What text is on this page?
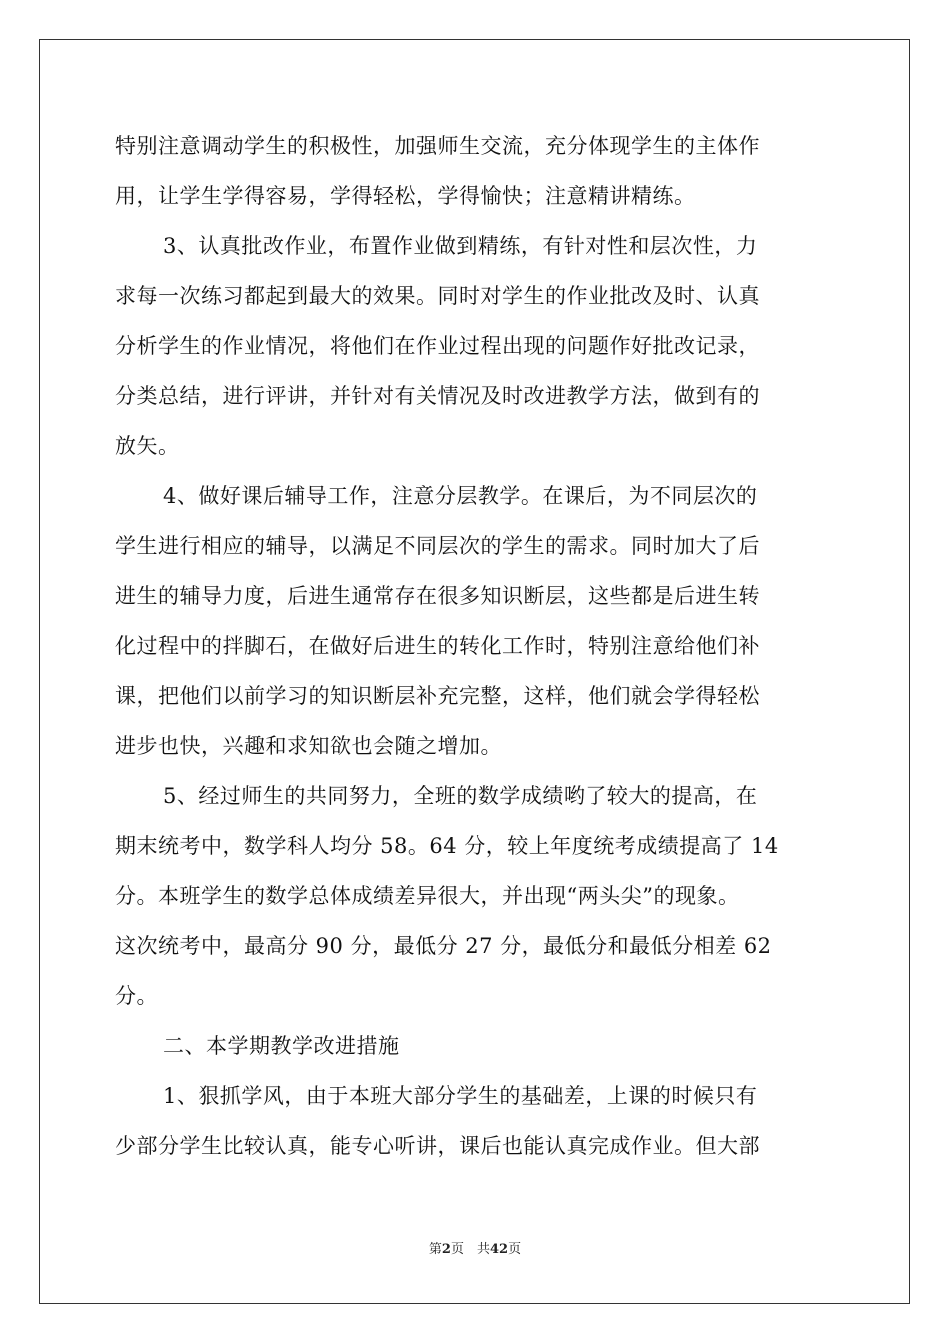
特别注意调动学生的积极性，加强师生交流，充分体现学生的主体作
用，让学生学得容易，学得轻松，学得愉快；注意精讲精练。
3、认真批改作业，布置作业做到精练，有针对性和层次性，力
求每一次练习都起到最大的效果。同时对学生的作业批改及时、认真
分析学生的作业情况，将他们在作业过程出现的问题作好批改记录，
分类总结，进行评讲，并针对有关情况及时改进教学方法，做到有的
放矢。
4、做好课后辅导工作，注意分层教学。在课后，为不同层次的
学生进行相应的辅导，以满足不同层次的学生的需求。同时加大了后
进生的辅导力度，后进生通常存在很多知识断层，这些都是后进生转
化过程中的拌脚石，在做好后进生的转化工作时，特别注意给他们补
课，把他们以前学习的知识断层补充完整，这样，他们就会学得轻松
进步也快，兴趣和求知欲也会随之增加。
5、经过师生的共同努力，全班的数学成绩哟了较大的提高，在
期末统考中，数学科人均分 58。64 分，较上年度统考成绩提高了 14
分。本班学生的数学总体成绩差异很大，并出现“两头尖”的现象。
这次统考中，最高分 90 分，最低分 27 分，最低分和最低分相差 62
分。
二、本学期教学改进措施
1、狠抓学风，由于本班大部分学生的基础差，上课的时候只有
少部分学生比较认真，能专心听讲，课后也能认真完成作业。但大部
第2页　共42页
